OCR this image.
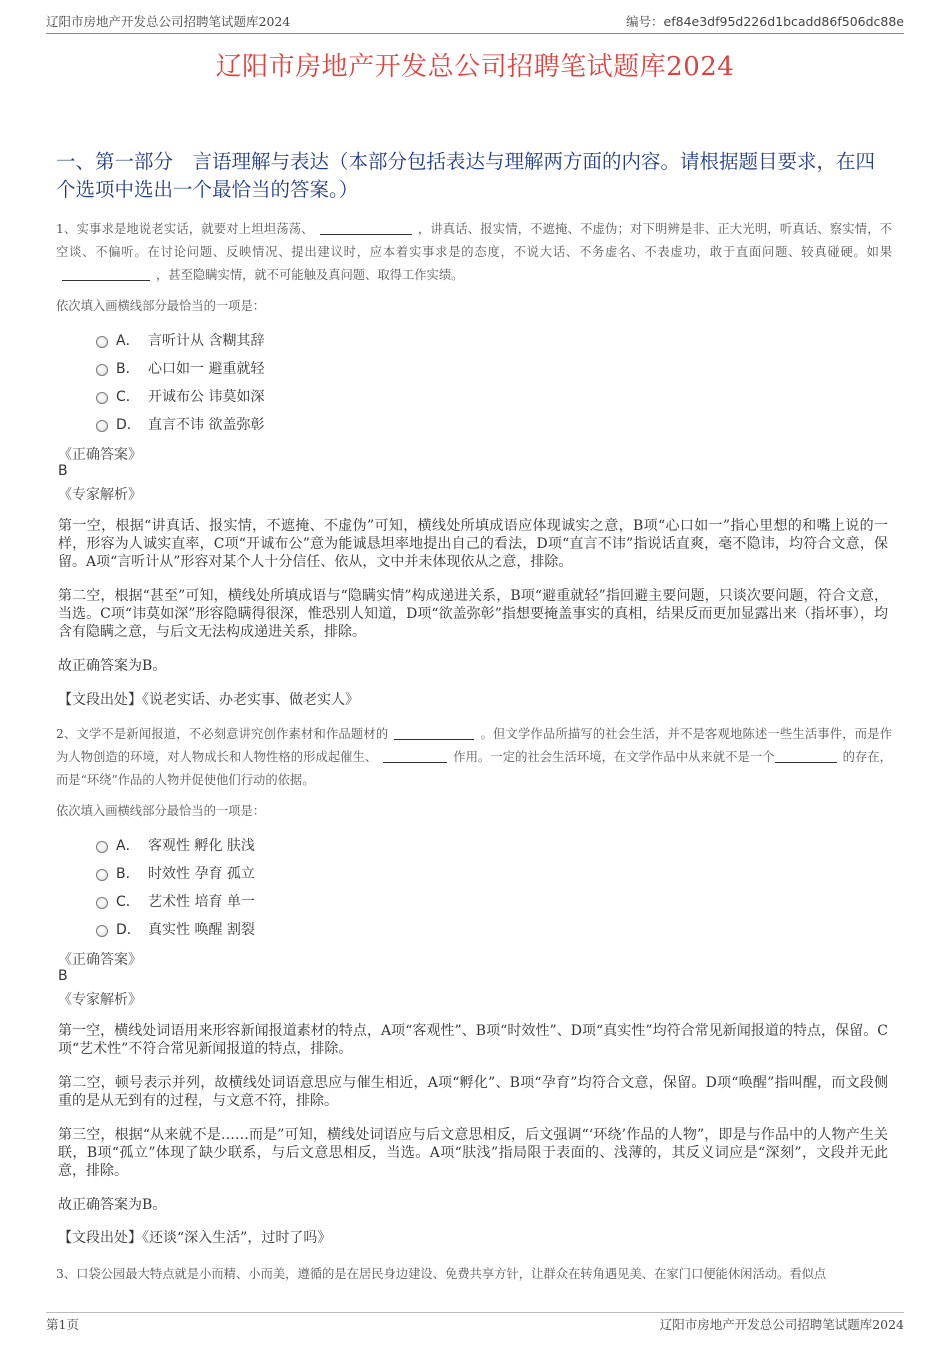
辽阳市房地产开发总公司招聘笔试题库2024	编号：ef84e3df95d226d1bcadd86f506dc88e
辽阳市房地产开发总公司招聘笔试题库2024
一、第一部分　言语理解与表达（本部分包括表达与理解两方面的内容。请根据题目要求，在四个选项中选出一个最恰当的答案。）
1、实事求是地说老实话，就要对上坦坦荡荡、	，讲真话、报实情，不遮掩、不虚伪；对下明辨是非、正大光明，听真话、察实情，不空谈、不偏听。在讨论问题、反映情况、提出建议时，应本着实事求是的态度，不说大话、不务虚名、不表虚功，敢于直面问题、较真碰硬。如果，甚至隐瞒实情，就不可能触及真问题、取得工作实绩。
依次填入画横线部分最恰当的一项是：
A． 言听计从 含糊其辞
B． 心口如一 避重就轻
C． 开诚布公 讳莫如深
D． 直言不讳 欲盖弥彰
《正确答案》
B
《专家解析》
第一空，根据“讲真话、报实情，不遮掩、不虚伪”可知，横线处所填成语应体现诚实之意，B项“心口如一”指心里想的和嘴上说的一样，形容为人诚实直率，C项“开诚布公”意为能诚恳坦率地提出自己的看法，D项“直言不讳”指说话直爽，毫不隐讳，均符合文意，保留。A项“言听计从”形容对某个人十分信任、依从，文中并未体现依从之意，排除。
第二空，根据“甚至”可知，横线处所填成语与“隐瞒实情”构成递进关系，B项“避重就轻”指回避主要问题，只谈次要问题，符合文意，当选。C项“讳莫如深”形容隐瞒得很深，惟恐别人知道，D项“欲盖弥彰”指想要掩盖事实的真相，结果反而更加显露出来（指坏事），均含有隐瞒之意，与后文无法构成递进关系，排除。
故正确答案为B。
【文段出处】《说老实话、办老实事、做老实人》
2、文学不是新闻报道，不必刻意讲究创作素材和作品题材的	。但文学作品所描写的社会生活，并不是客观地陈述一些生活事件，而是作为人物创造的环境，对人物成长和人物性格的形成起催生、	作用。一定的社会生活环境，在文学作品中从来就不是一个	的存在，而是“环绕”作品的人物并促使他们行动的依据。
依次填入画横线部分最恰当的一项是：
A． 客观性 孵化 肤浅
B． 时效性 孕育 孤立
C． 艺术性 培育 单一
D． 真实性 唤醒 割裂
《正确答案》
B
《专家解析》
第一空，横线处词语用来形容新闻报道素材的特点，A项“客观性”、B项“时效性”、D项“真实性”均符合常见新闻报道的特点，保留。C项“艺术性”不符合常见新闻报道的特点，排除。
第二空，顿号表示并列，故横线处词语意思应与催生相近，A项“孵化”、B项“孕育”均符合文意，保留。D项“唤醒”指叫醒，而文段侧重的是从无到有的过程，与文意不符，排除。
第三空，根据“从来就不是……而是”可知，横线处词语应与后文意思相反，后文强调“‘环绕’作品的人物”，即是与作品中的人物产生关联，B项“孤立”体现了缺少联系，与后文意思相反，当选。A项“肤浅”指局限于表面的、浅薄的，其反义词应是“深刻”，文段并无此意，排除。
故正确答案为B。
【文段出处】《还谈“深入生活”，过时了吗》
3、口袋公园最大特点就是小而精、小而美，遵循的是在居民身边建设、免费共享方针，让群众在转角遇见美、在家门口便能休闲活动。看似点
第1页	辽阳市房地产开发总公司招聘笔试题库2024
